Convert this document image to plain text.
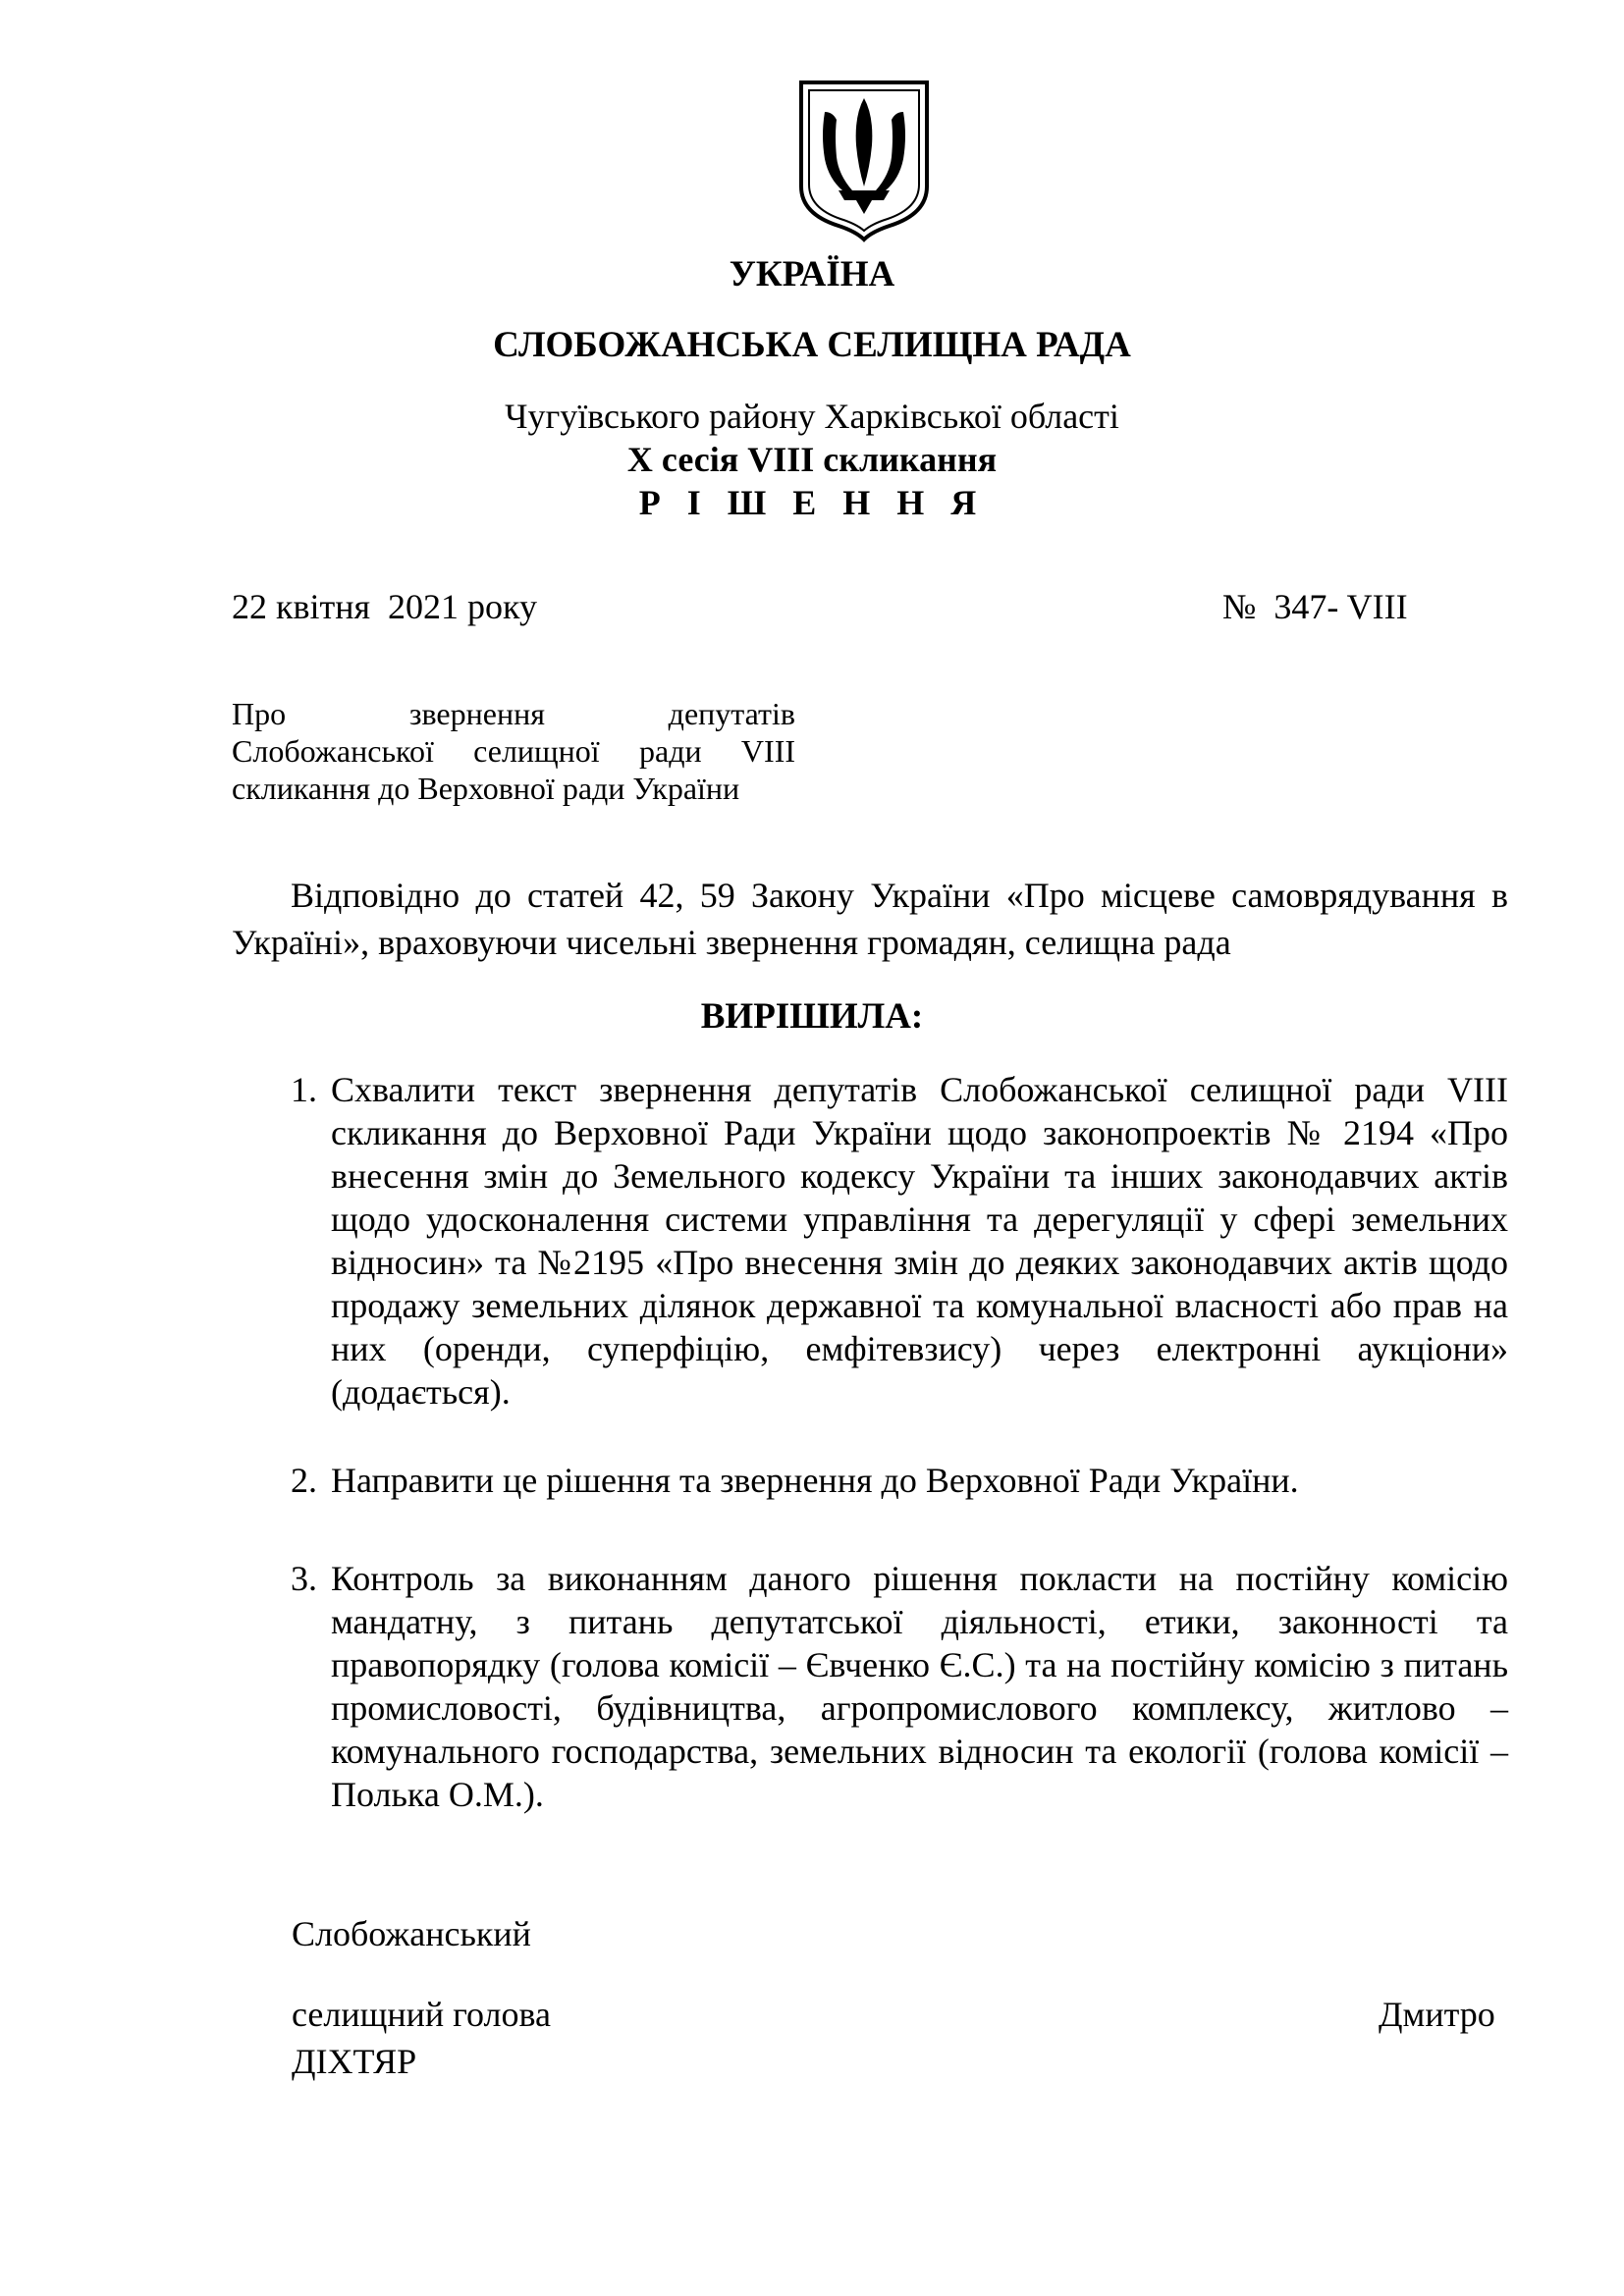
УКРАЇНА
СЛОБОЖАНСЬКА СЕЛИЩНА РАДА
Чугуївського району Харківської області
X сесія VIII скликання
Р І Ш Е Н Н Я
22 квітня  2021 року	№  347- VIII
Про звернення депутатів
Слобожанської селищної ради VIII
скликання до Верховної ради України

Відповідно до статей 42, 59 Закону України «Про місцеве самоврядування в Україні», враховуючи чисельні звернення громадян, селищна рада

ВИРІШИЛА:
1. Схвалити текст звернення депутатів Слобожанської селищної ради VIII скликання до Верховної Ради України щодо законопроектів № 2194 «Про внесення змін до Земельного кодексу України та інших законодавчих актів щодо удосконалення системи управління та дерегуляції у сфері земельних відносин» та №2195 «Про внесення змін до деяких законодавчих актів щодо продажу земельних ділянок державної та комунальної власності або прав на них (оренди, суперфіцію, емфітевзису) через електронні аукціони» (додається).
2. Направити це рішення та звернення до Верховної Ради України.
3. Контроль за виконанням даного рішення покласти на постійну комісію мандатну, з питань депутатської діяльності, етики, законності та правопорядку (голова комісії – Євченко Є.С.) та на постійну комісію з питань промисловості, будівництва, агропромислового комплексу, житлово – комунального господарства, земельних відносин та екології (голова комісії – Полька О.М.).
Слобожанський
селищний голова	Дмитро
ДІХТЯР
